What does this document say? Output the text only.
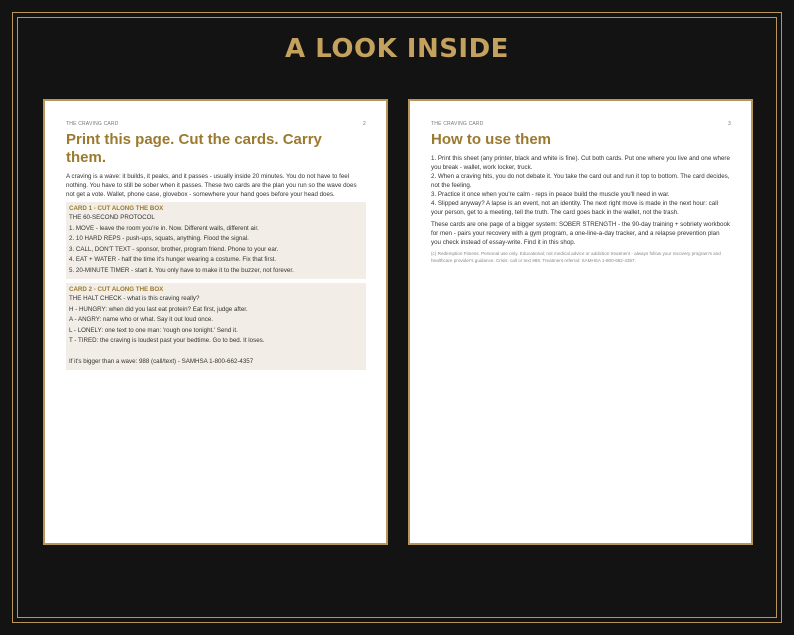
A LOOK INSIDE
THE CRAVING CARD	2
Print this page. Cut the cards. Carry them.
A craving is a wave: it builds, it peaks, and it passes - usually inside 20 minutes. You do not have to feel nothing. You have to still be sober when it passes. These two cards are the plan you run so the wave does not get a vote. Wallet, phone case, glovebox - somewhere your hand goes before your head does.
CARD 1 - CUT ALONG THE BOX
THE 60-SECOND PROTOCOL
1. MOVE - leave the room you're in. Now. Different walls, different air.
2. 10 HARD REPS - push-ups, squats, anything. Flood the signal.
3. CALL, DON'T TEXT - sponsor, brother, program friend. Phone to your ear.
4. EAT + WATER - half the time it's hunger wearing a costume. Fix that first.
5. 20-MINUTE TIMER - start it. You only have to make it to the buzzer, not forever.
CARD 2 - CUT ALONG THE BOX
THE HALT CHECK - what is this craving really?
H - HUNGRY: when did you last eat protein? Eat first, judge after.
A - ANGRY: name who or what. Say it out loud once.
L - LONELY: one text to one man: 'rough one tonight.' Send it.
T - TIRED: the craving is loudest past your bedtime. Go to bed. It loses.
If it's bigger than a wave: 988 (call/text) - SAMHSA 1-800-662-4357
THE CRAVING CARD	3
How to use them
1. Print this sheet (any printer, black and white is fine). Cut both cards. Put one where you live and one where you break - wallet, work locker, truck.
2. When a craving hits, you do not debate it. You take the card out and run it top to bottom. The card decides, not the feeling.
3. Practice it once when you're calm - reps in peace build the muscle you'll need in war.
4. Slipped anyway? A lapse is an event, not an identity. The next right move is made in the next hour: call your person, get to a meeting, tell the truth. The card goes back in the wallet, not the trash.
These cards are one page of a bigger system: SOBER STRENGTH - the 90-day training + sobriety workbook for men - pairs your recovery with a gym program, a one-line-a-day tracker, and a relapse prevention plan you check instead of essay-write. Find it in this shop.
(c) Redemption Fitness. Personal use only. Educational; not medical advice or addiction treatment - always follow your recovery program's and healthcare provider's guidance. Crisis: call or text 988. Treatment referral: SAMHSA 1-800-662-4357.
